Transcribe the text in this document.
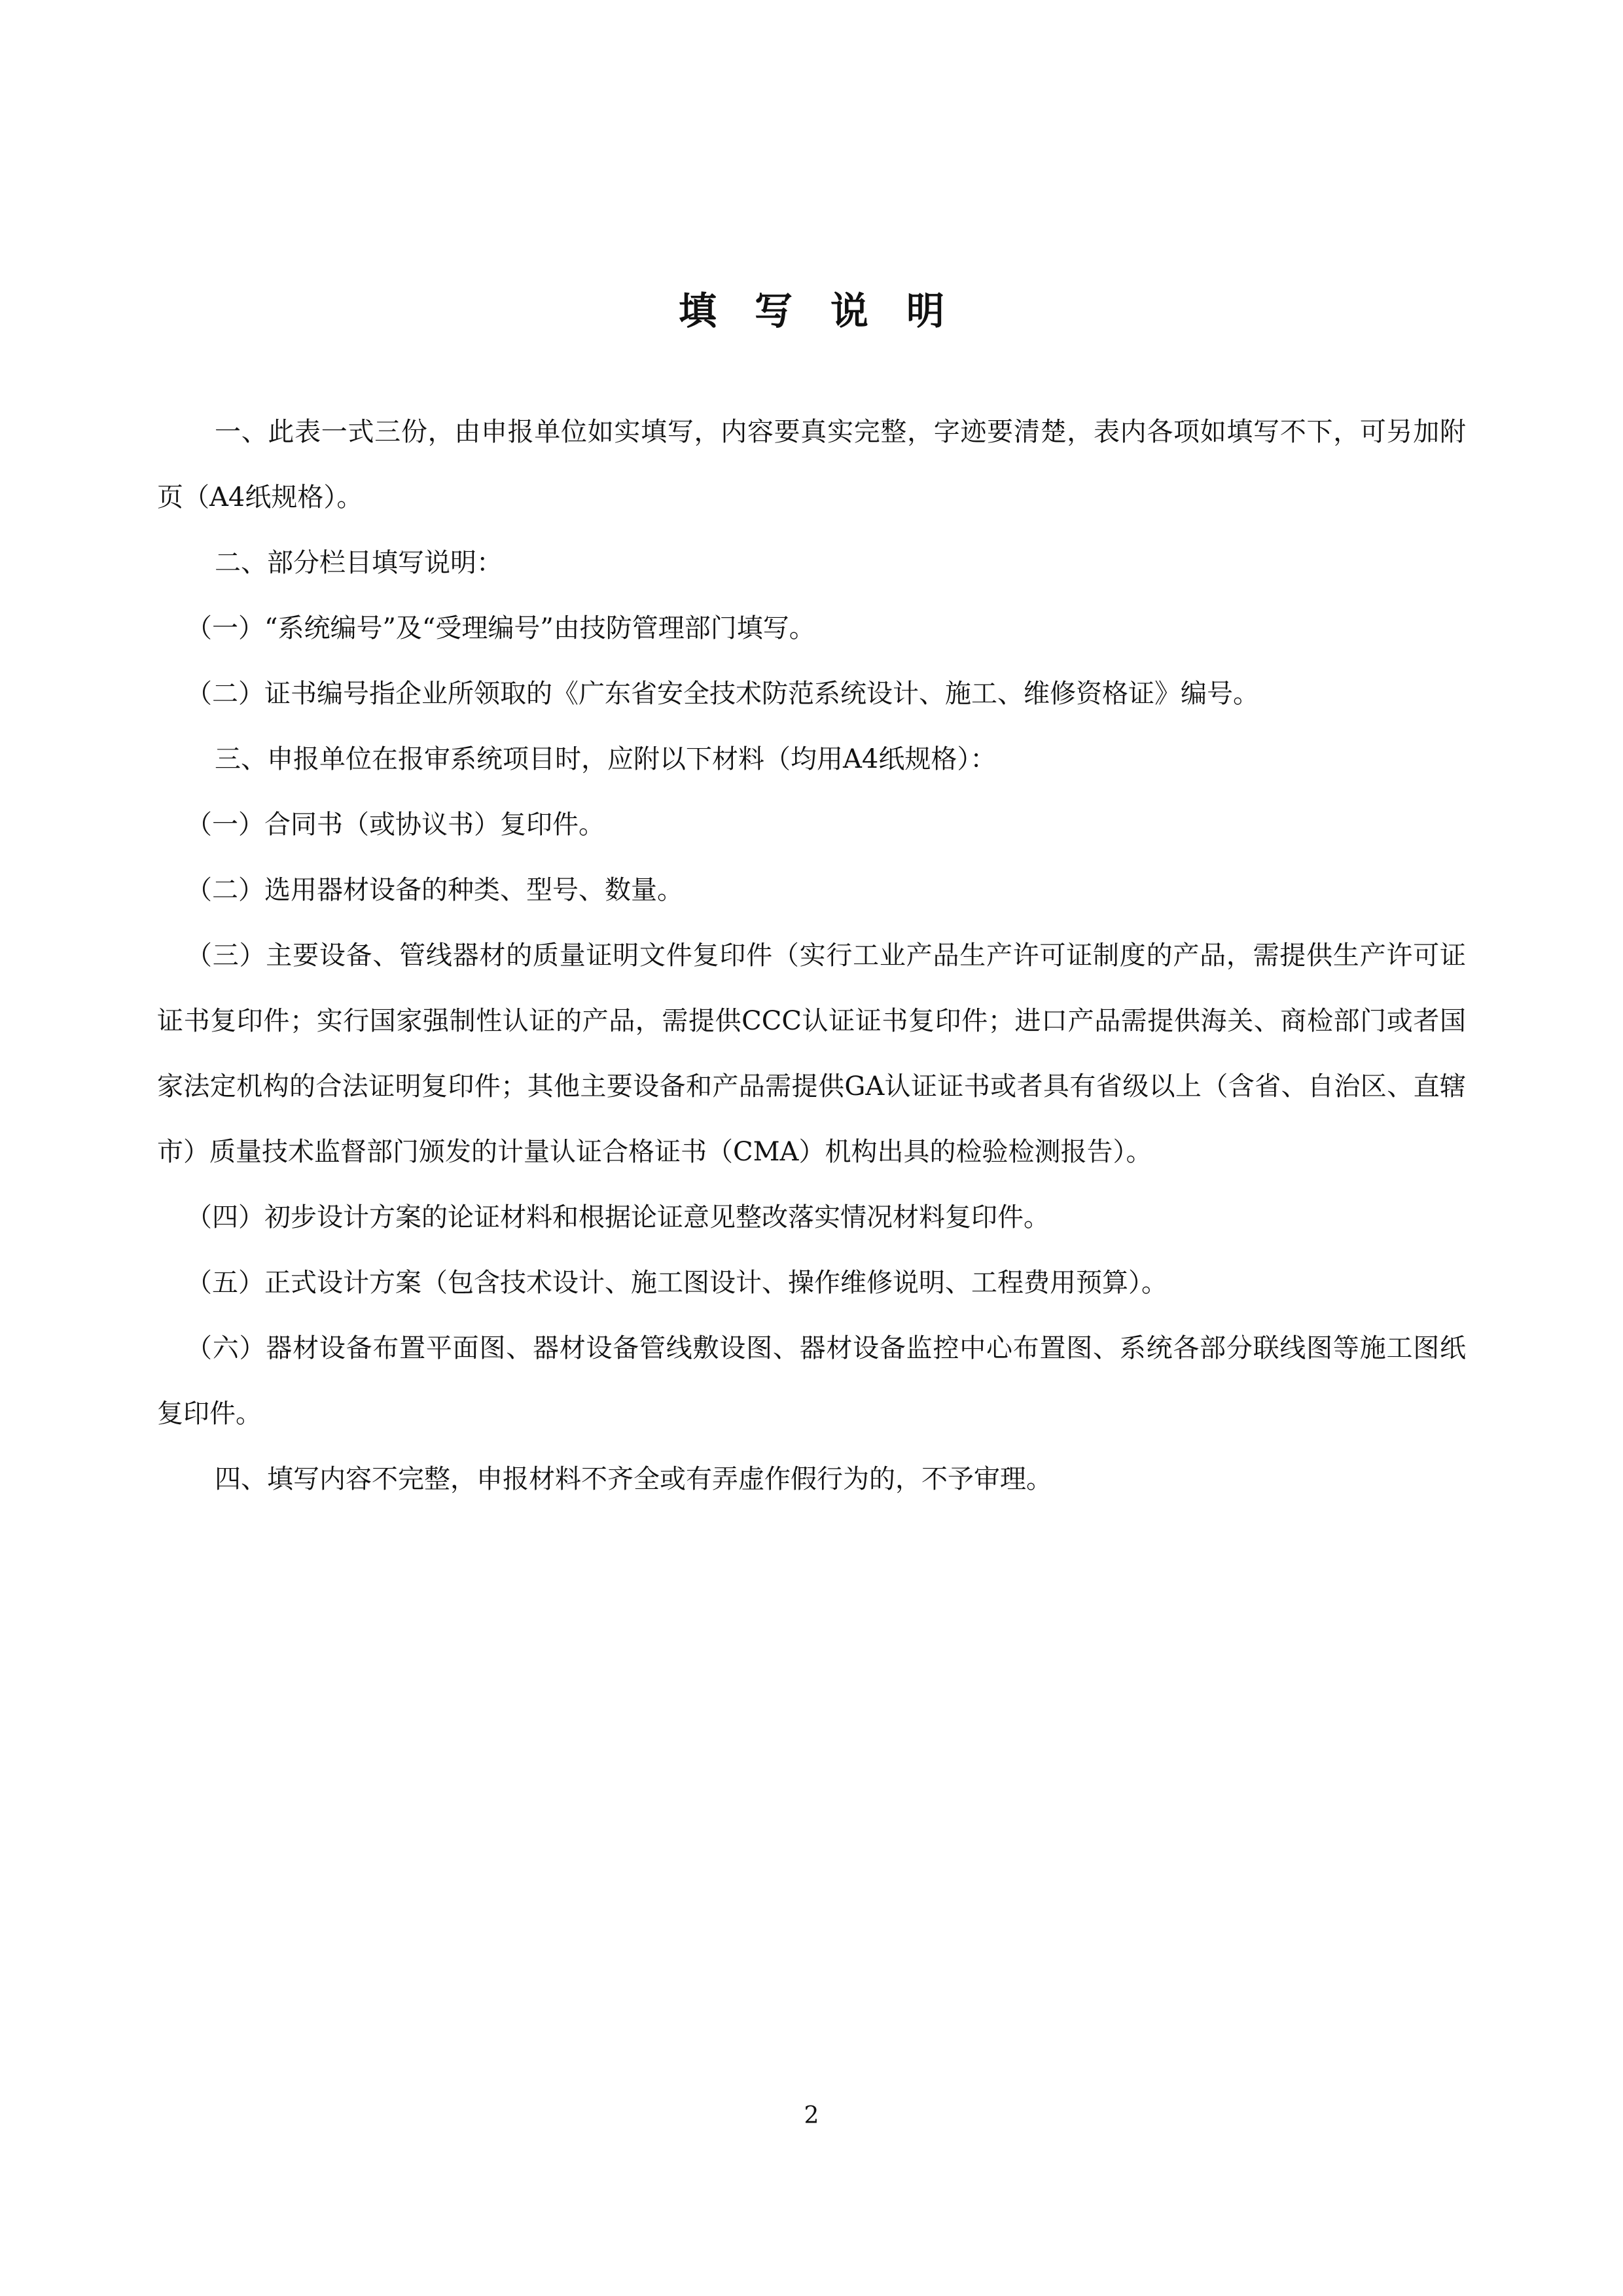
填写说明

一、此表一式三份，由申报单位如实填写，内容要真实完整，字迹要清楚，表内各项如填写不下，可另加附页（A4纸规格）。

二、部分栏目填写说明：

（一）“系统编号”及“受理编号”由技防管理部门填写。

（二）证书编号指企业所领取的《广东省安全技术防范系统设计、施工、维修资格证》编号。

三、申报单位在报审系统项目时，应附以下材料（均用A4纸规格）：

（一）合同书（或协议书）复印件。

（二）选用器材设备的种类、型号、数量。

（三）主要设备、管线器材的质量证明文件复印件（实行工业产品生产许可证制度的产品，需提供生产许可证证书复印件；实行国家强制性认证的产品，需提供CCC认证证书复印件；进口产品需提供海关、商检部门或者国家法定机构的合法证明复印件；其他主要设备和产品需提供GA认证证书或者具有省级以上（含省、自治区、直辖市）质量技术监督部门颁发的计量认证合格证书（CMA）机构出具的检验检测报告）。

（四）初步设计方案的论证材料和根据论证意见整改落实情况材料复印件。

（五）正式设计方案（包含技术设计、施工图设计、操作维修说明、工程费用预算）。

（六）器材设备布置平面图、器材设备管线敷设图、器材设备监控中心布置图、系统各部分联线图等施工图纸复印件。

四、填写内容不完整，申报材料不齐全或有弄虚作假行为的，不予审理。

2
